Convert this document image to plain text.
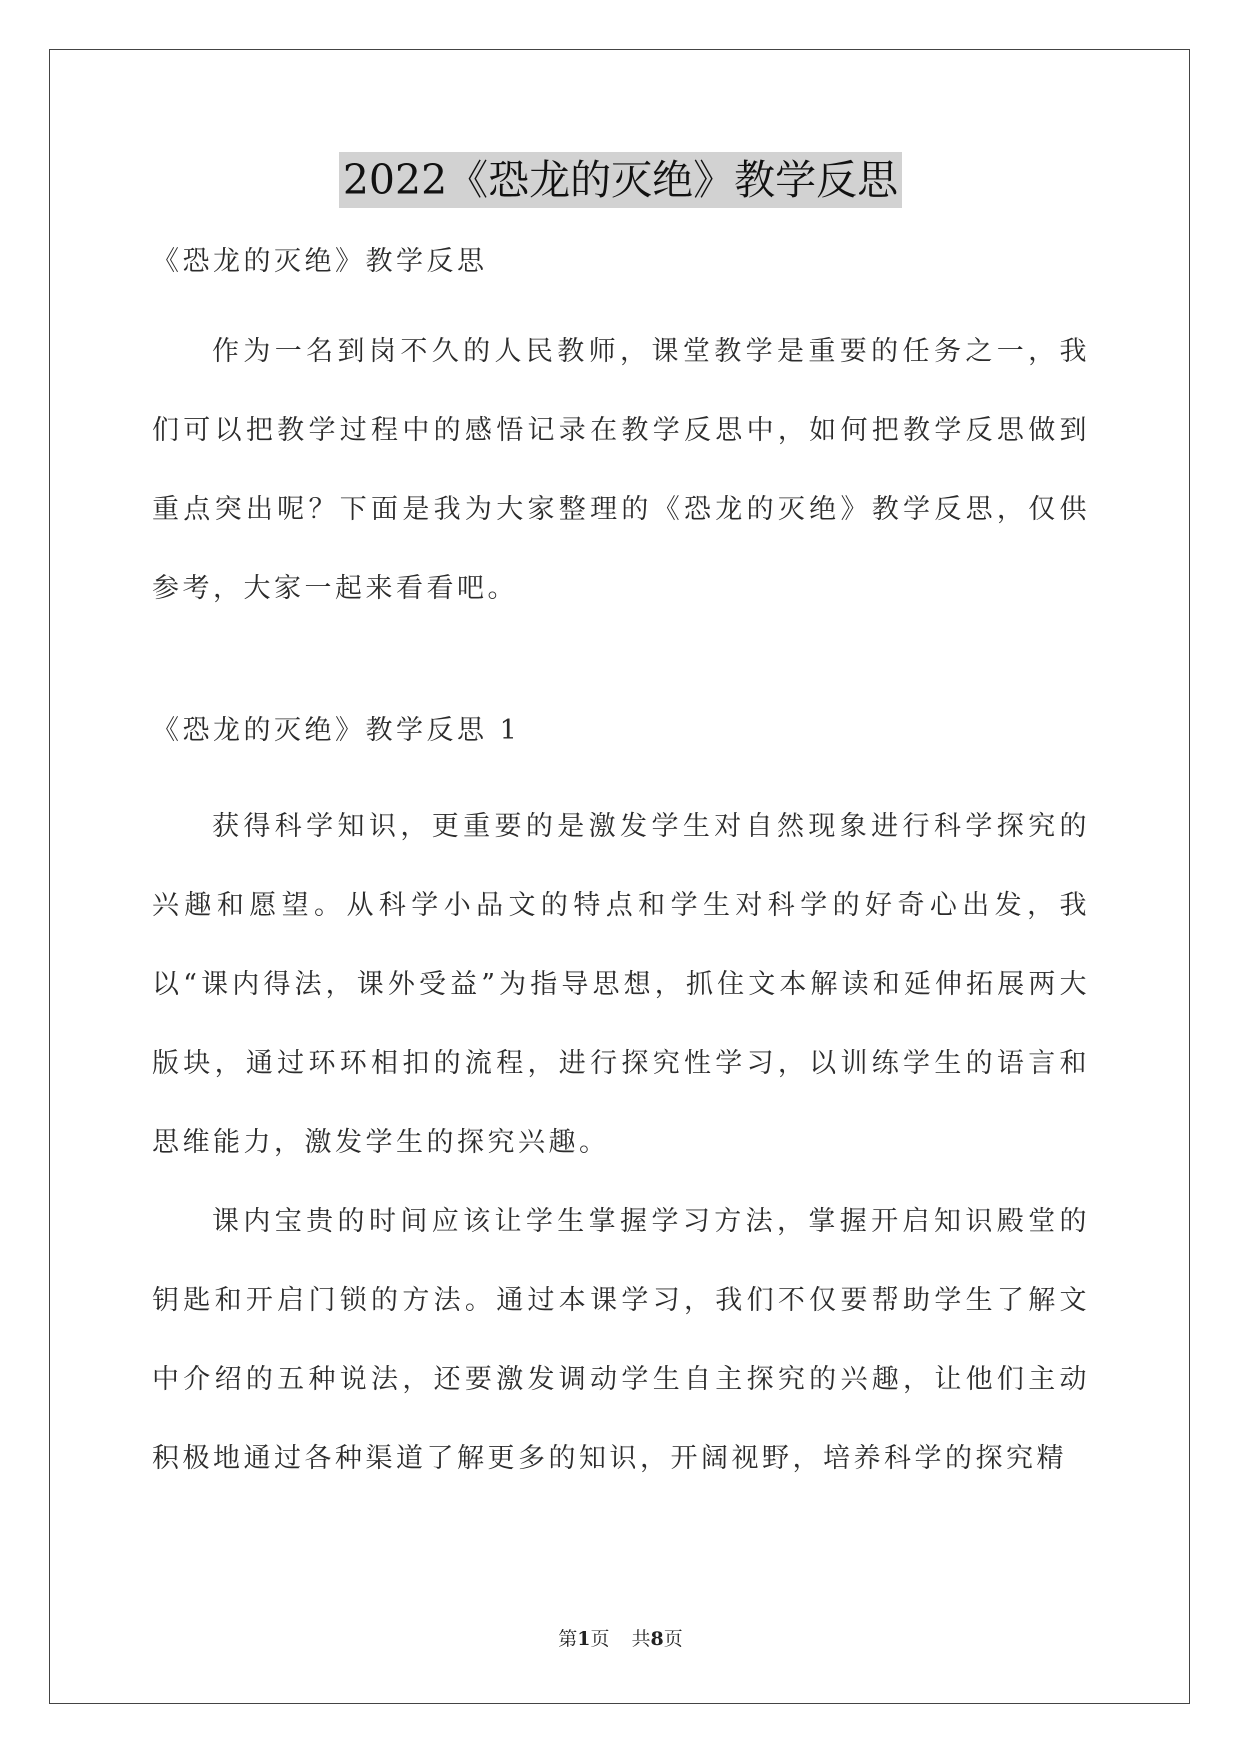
2022《恐龙的灭绝》教学反思

《恐龙的灭绝》教学反思

作为一名到岗不久的人民教师，课堂教学是重要的任务之一，我们可以把教学过程中的感悟记录在教学反思中，如何把教学反思做到重点突出呢？下面是我为大家整理的《恐龙的灭绝》教学反思，仅供参考，大家一起来看看吧。

《恐龙的灭绝》教学反思 1

获得科学知识，更重要的是激发学生对自然现象进行科学探究的兴趣和愿望。从科学小品文的特点和学生对科学的好奇心出发，我以“课内得法，课外受益”为指导思想，抓住文本解读和延伸拓展两大版块，通过环环相扣的流程，进行探究性学习，以训练学生的语言和思维能力，激发学生的探究兴趣。

课内宝贵的时间应该让学生掌握学习方法，掌握开启知识殿堂的钥匙和开启门锁的方法。通过本课学习，我们不仅要帮助学生了解文中介绍的五种说法，还要激发调动学生自主探究的兴趣，让他们主动积极地通过各种渠道了解更多的知识，开阔视野，培养科学的探究精

第1页 共8页
